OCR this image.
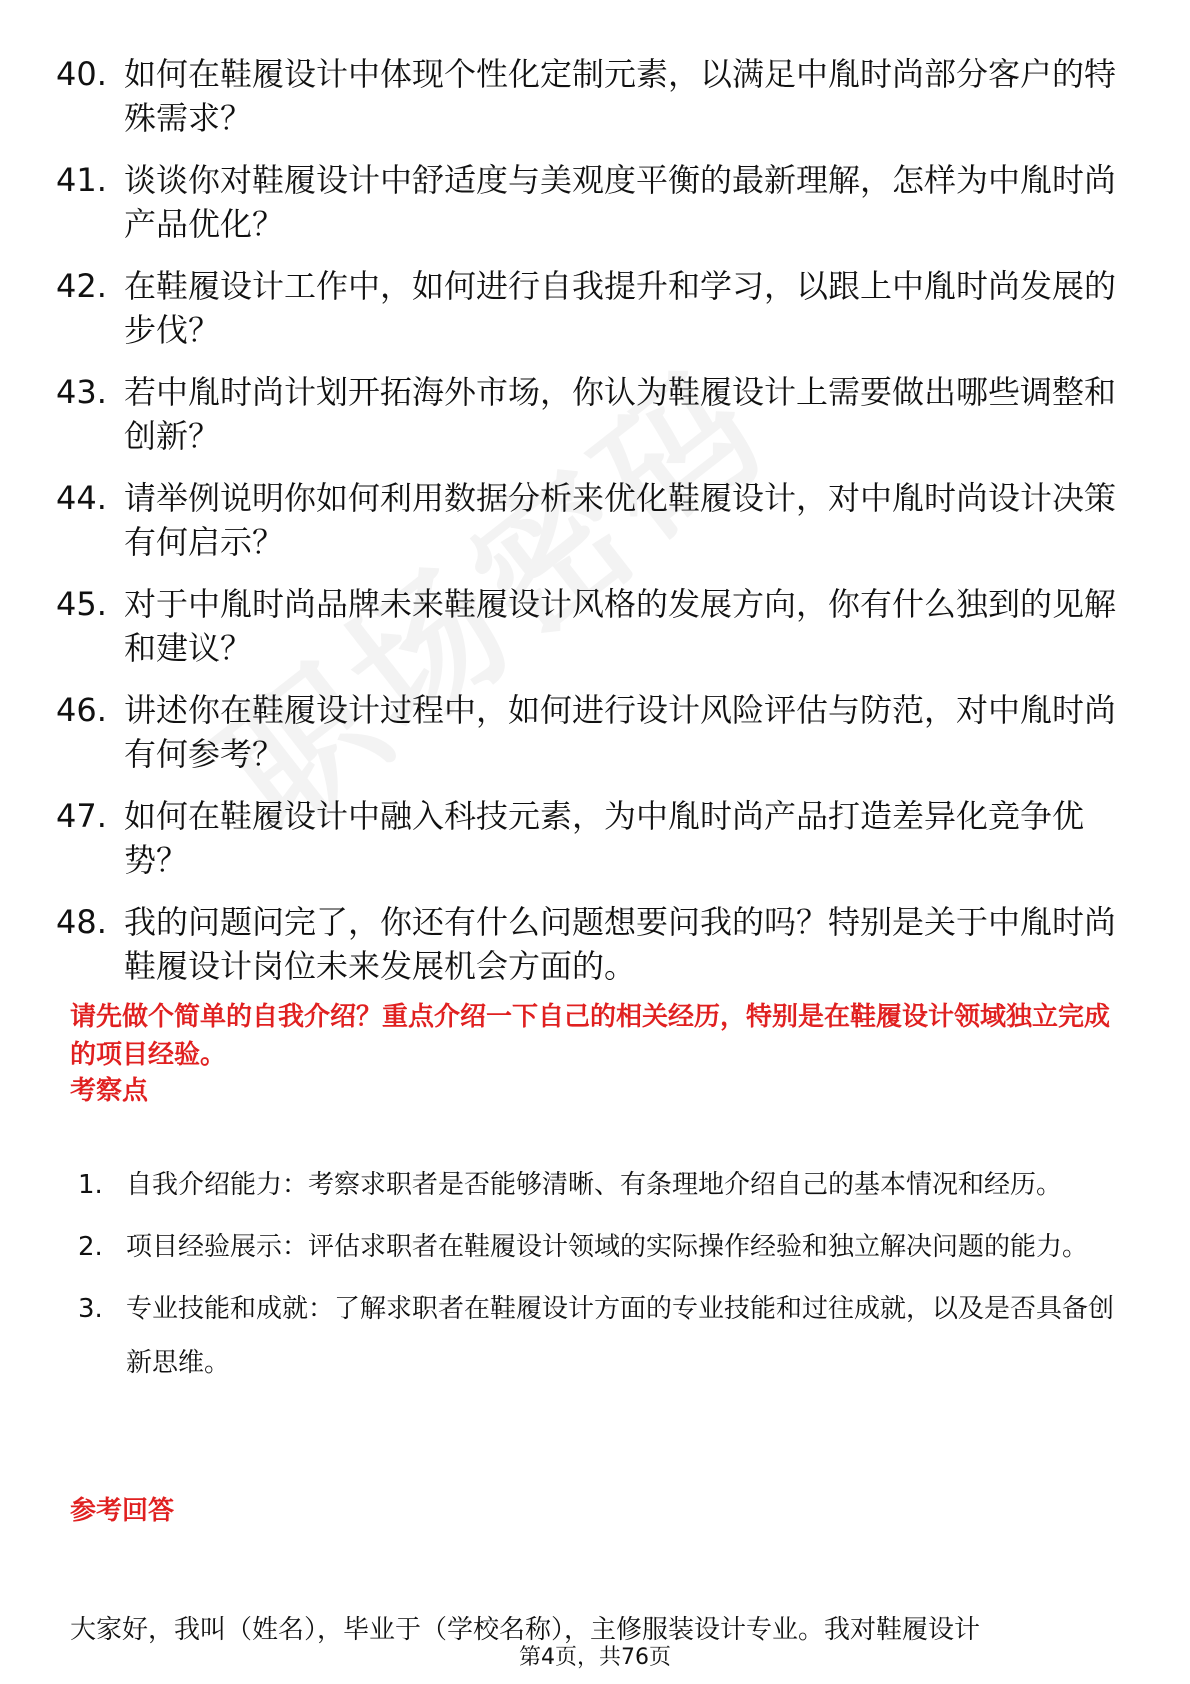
40. 如何在鞋履设计中体现个性化定制元素，以满足中胤时尚部分客户的特殊需求？
41. 谈谈你对鞋履设计中舒适度与美观度平衡的最新理解，怎样为中胤时尚产品优化？
42. 在鞋履设计工作中，如何进行自我提升和学习，以跟上中胤时尚发展的步伐？
43. 若中胤时尚计划开拓海外市场，你认为鞋履设计上需要做出哪些调整和创新？
44. 请举例说明你如何利用数据分析来优化鞋履设计，对中胤时尚设计决策有何启示？
45. 对于中胤时尚品牌未来鞋履设计风格的发展方向，你有什么独到的见解和建议？
46. 讲述你在鞋履设计过程中，如何进行设计风险评估与防范，对中胤时尚有何参考？
47. 如何在鞋履设计中融入科技元素，为中胤时尚产品打造差异化竞争优势？
48. 我的问题问完了，你还有什么问题想要问我的吗？特别是关于中胤时尚鞋履设计岗位未来发展机会方面的。
请先做个简单的自我介绍？重点介绍一下自己的相关经历，特别是在鞋履设计领域独立完成的项目经验。
考察点
1. 自我介绍能力：考察求职者是否能够清晰、有条理地介绍自己的基本情况和经历。
2. 项目经验展示：评估求职者在鞋履设计领域的实际操作经验和独立解决问题的能力。
3. 专业技能和成就：了解求职者在鞋履设计方面的专业技能和过往成就，以及是否具备创新思维。
参考回答
大家好，我叫（姓名），毕业于（学校名称），主修服装设计专业。我对鞋履设计
第4页，共76页
